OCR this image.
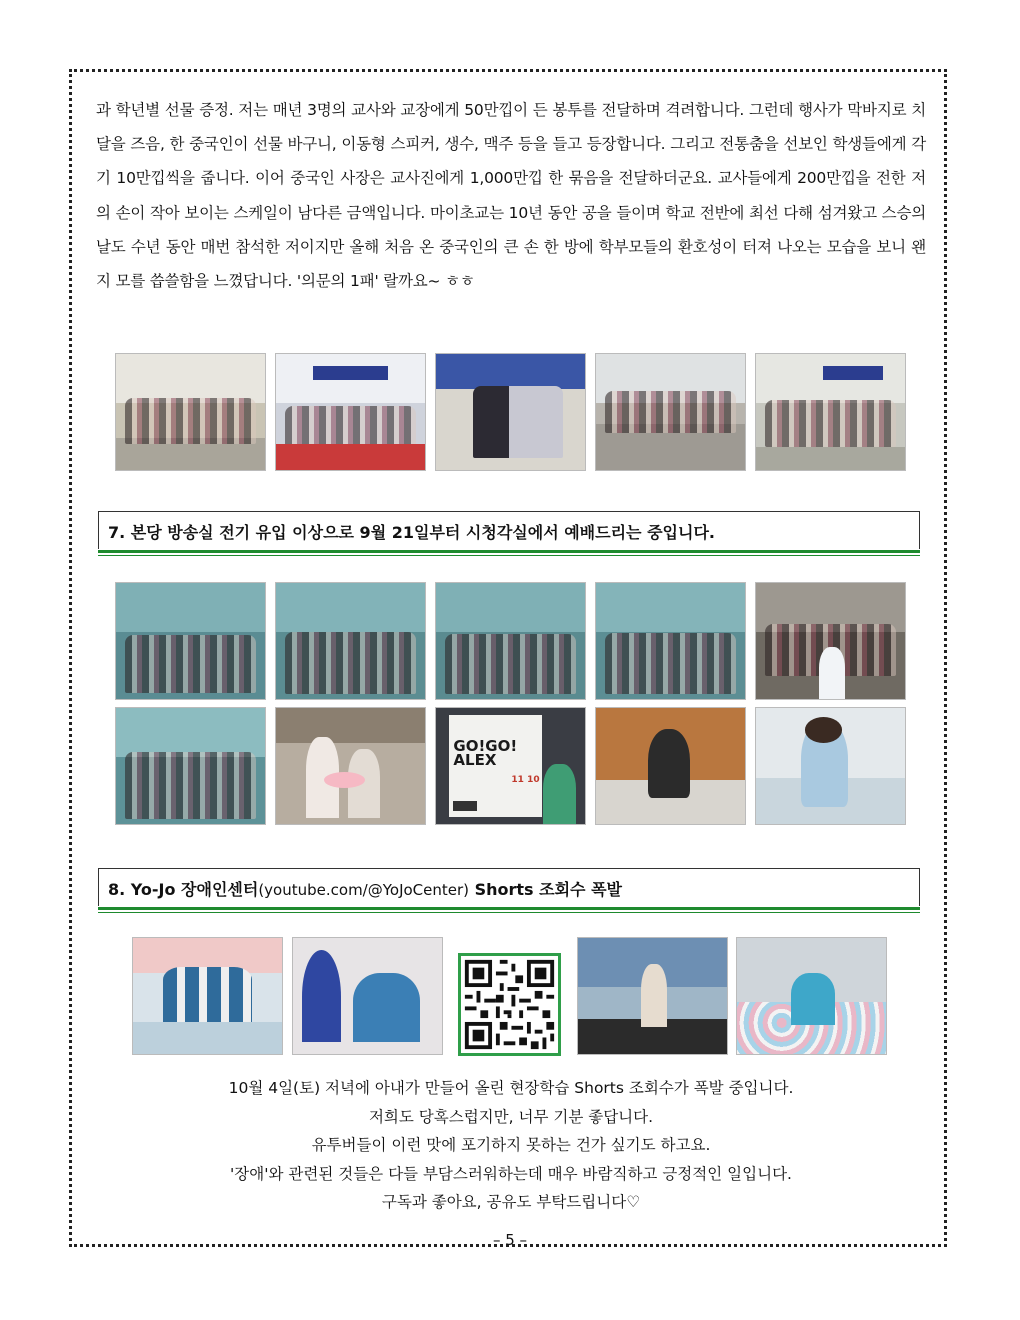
과 학년별 선물 증정. 저는 매년 3명의 교사와 교장에게 50만낍이 든 봉투를 전달하며 격려합니다. 그런데 행사가 막바지로 치달을 즈음, 한 중국인이 선물 바구니, 이동형 스피커, 생수, 맥주 등을 들고 등장합니다. 그리고 전통춤을 선보인 학생들에게 각기 10만낍씩을 줍니다. 이어 중국인 사장은 교사진에게 1,000만낍 한 묶음을 전달하더군요. 교사들에게 200만낍을 전한 저의 손이 작아 보이는 스케일이 남다른 금액입니다. 마이초교는 10년 동안 공을 들이며 학교 전반에 최선 다해 섬겨왔고 스승의 날도 수년 동안 매번 참석한 저이지만 올해 처음 온 중국인의 큰 손 한 방에 학부모들의 환호성이 터져 나오는 모습을 보니 왠지 모를 씁쓸함을 느꼈답니다. '의문의 1패' 랄까요~ ㅎㅎ
7. 본당 방송실 전기 유입 이상으로 9월 21일부터 시청각실에서 예배드리는 중입니다.
GO!GO!
ALEX
11 10
8. Yo-Jo 장애인센터(youtube.com/@YoJoCenter) Shorts 조회수 폭발
10월 4일(토) 저녁에 아내가 만들어 올린 현장학습 Shorts 조회수가 폭발 중입니다.
저희도 당혹스럽지만, 너무 기분 좋답니다.
유투버들이 이런 맛에 포기하지 못하는 건가 싶기도 하고요.
'장애'와 관련된 것들은 다들 부담스러워하는데 매우 바람직하고 긍정적인 일입니다.
구독과 좋아요, 공유도 부탁드립니다♡
– 5 –
